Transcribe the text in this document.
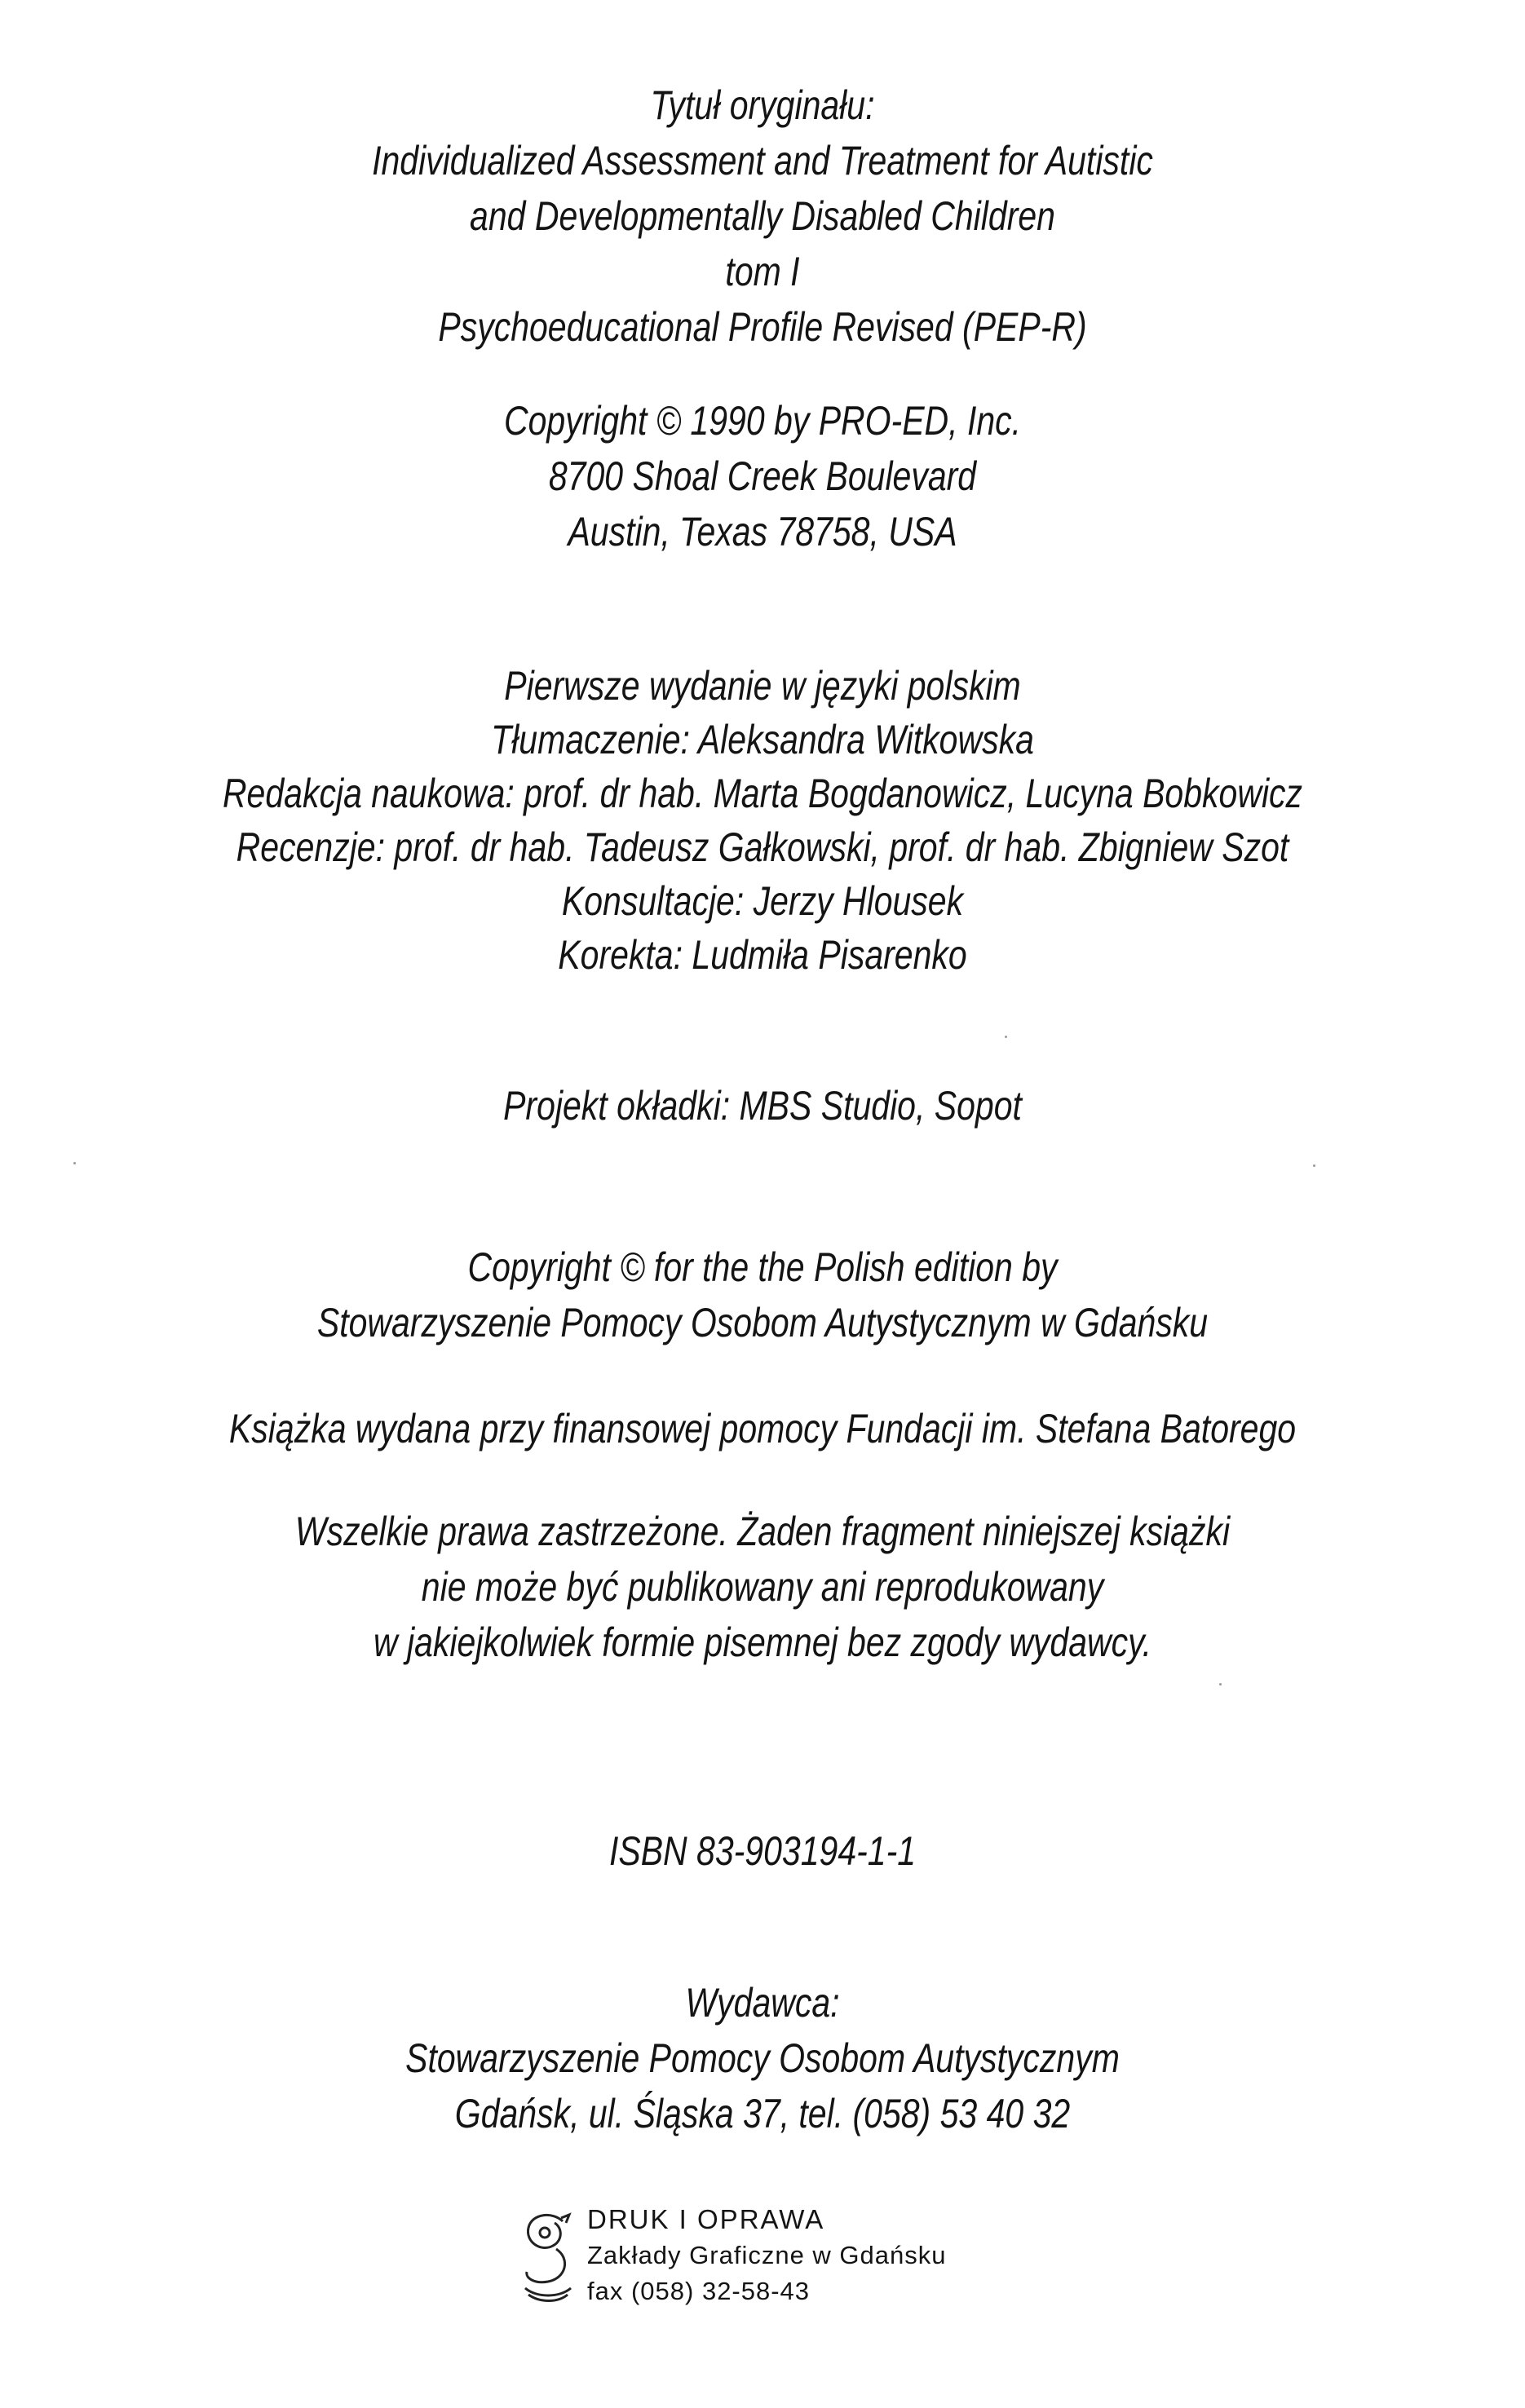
Tytuł oryginału:
Individualized Assessment and Treatment for Autistic
and Developmentally Disabled Children
tom I
Psychoeducational Profile Revised (PEP-R)
Copyright © 1990 by PRO-ED, Inc.
8700 Shoal Creek Boulevard
Austin, Texas 78758, USA
Pierwsze wydanie w języki polskim
Tłumaczenie: Aleksandra Witkowska
Redakcja naukowa: prof. dr hab. Marta Bogdanowicz, Lucyna Bobkowicz
Recenzje: prof. dr hab. Tadeusz Gałkowski, prof. dr hab. Zbigniew Szot
Konsultacje: Jerzy Hlousek
Korekta: Ludmiła Pisarenko
Projekt okładki: MBS Studio, Sopot
Copyright © for the the Polish edition by
Stowarzyszenie Pomocy Osobom Autystycznym w Gdańsku
Książka wydana przy finansowej pomocy Fundacji im. Stefana Batorego
Wszelkie prawa zastrzeżone. Żaden fragment niniejszej książki
nie może być publikowany ani reprodukowany
w jakiejkolwiek formie pisemnej bez zgody wydawcy.
ISBN 83-903194-1-1
Wydawca:
Stowarzyszenie Pomocy Osobom Autystycznym
Gdańsk, ul. Śląska 37, tel. (058) 53 40 32
DRUK I OPRAWA
Zakłady Graficzne w Gdańsku
fax (058) 32-58-43
